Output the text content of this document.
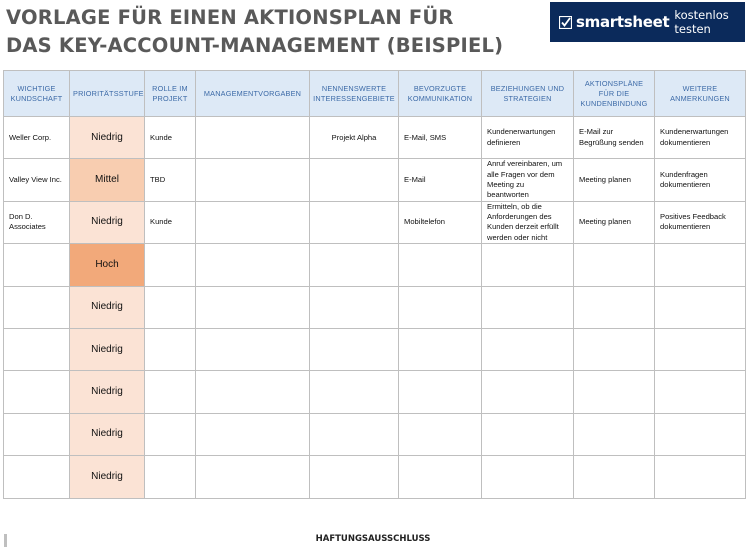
VORLAGE FÜR EINEN AKTIONSPLAN FÜR
DAS KEY-ACCOUNT-MANAGEMENT (BEISPIEL)
smartsheet kostenlos testen
WICHTIGE KUNDSCHAFT	PRIORITÄTSSTUFE	ROLLE IM PROJEKT	MANAGEMENTVORGABEN	NENNENSWERTE INTERESSENGEBIETE	BEVORZUGTE KOMMUNIKATION	BEZIEHUNGEN UND STRATEGIEN	AKTIONSPLÄNE FÜR DIE KUNDENBINDUNG	WEITERE ANMERKUNGEN
Weller Corp.	Niedrig	Kunde		Projekt Alpha	E-Mail, SMS	Kundenerwartungen definieren	E-Mail zur Begrüßung senden	Kundenerwartungen dokumentieren
Valley View Inc.	Mittel	TBD			E-Mail	Anruf vereinbaren, um alle Fragen vor dem Meeting zu beantworten	Meeting planen	Kundenfragen dokumentieren
Don D. Associates	Niedrig	Kunde			Mobiltelefon	Ermitteln, ob die Anforderungen des Kunden derzeit erfüllt werden oder nicht	Meeting planen	Positives Feedback dokumentieren
	Hoch							
	Niedrig							
	Niedrig							
	Niedrig							
	Niedrig							
	Niedrig							
HAFTUNGSAUSSCHLUSS
